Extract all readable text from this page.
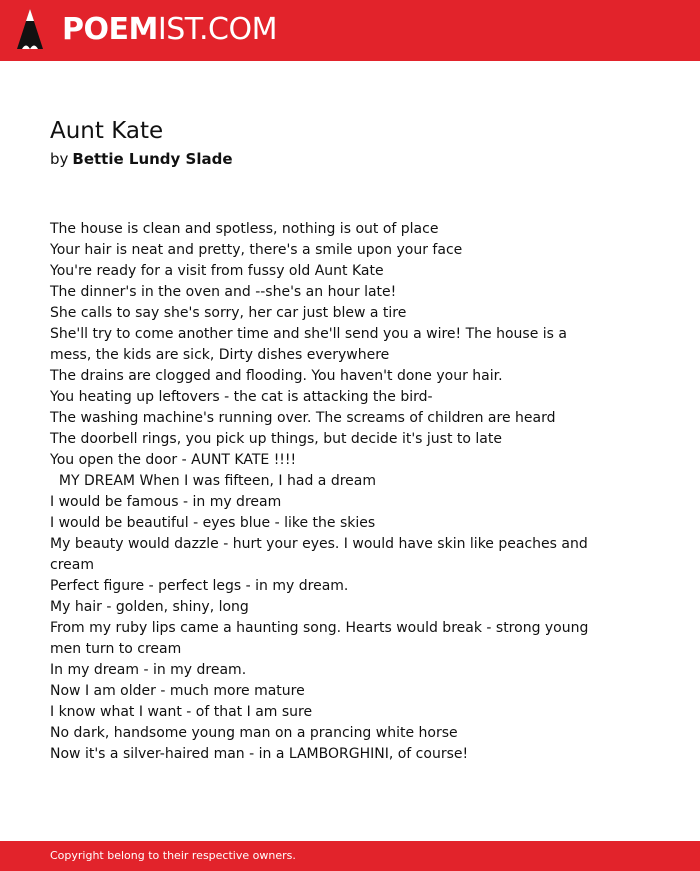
POEMIST.COM
Aunt Kate
by Bettie Lundy Slade
The house is clean and spotless, nothing is out of place
Your hair is neat and pretty, there's a smile upon your face
You're ready for a visit from fussy old Aunt Kate
The dinner's in the oven and --she's an hour late!
She calls to say she's sorry, her car just blew a tire
She'll try to come another time and she'll send you a wire! The house is a
mess, the kids are sick, Dirty dishes everywhere
The drains are clogged and flooding. You haven't done your hair.
You heating up leftovers - the cat is attacking the bird-
The washing machine's running over. The screams of children are heard
The doorbell rings, you pick up things, but decide it's just to late
You open the door - AUNT KATE !!!!
MY DREAM When I was fifteen, I had a dream
I would be famous - in my dream
I would be beautiful - eyes blue - like the skies
My beauty would dazzle - hurt your eyes. I would have skin like peaches and
cream
Perfect figure - perfect legs - in my dream.
My hair - golden, shiny, long
From my ruby lips came a haunting song. Hearts would break - strong young
men turn to cream
In my dream - in my dream.
Now I am older - much more mature
I know what I want - of that I am sure
No dark, handsome young man on a prancing white horse
Now it's a silver-haired man - in a LAMBORGHINI, of course!
Copyright belong to their respective owners.
